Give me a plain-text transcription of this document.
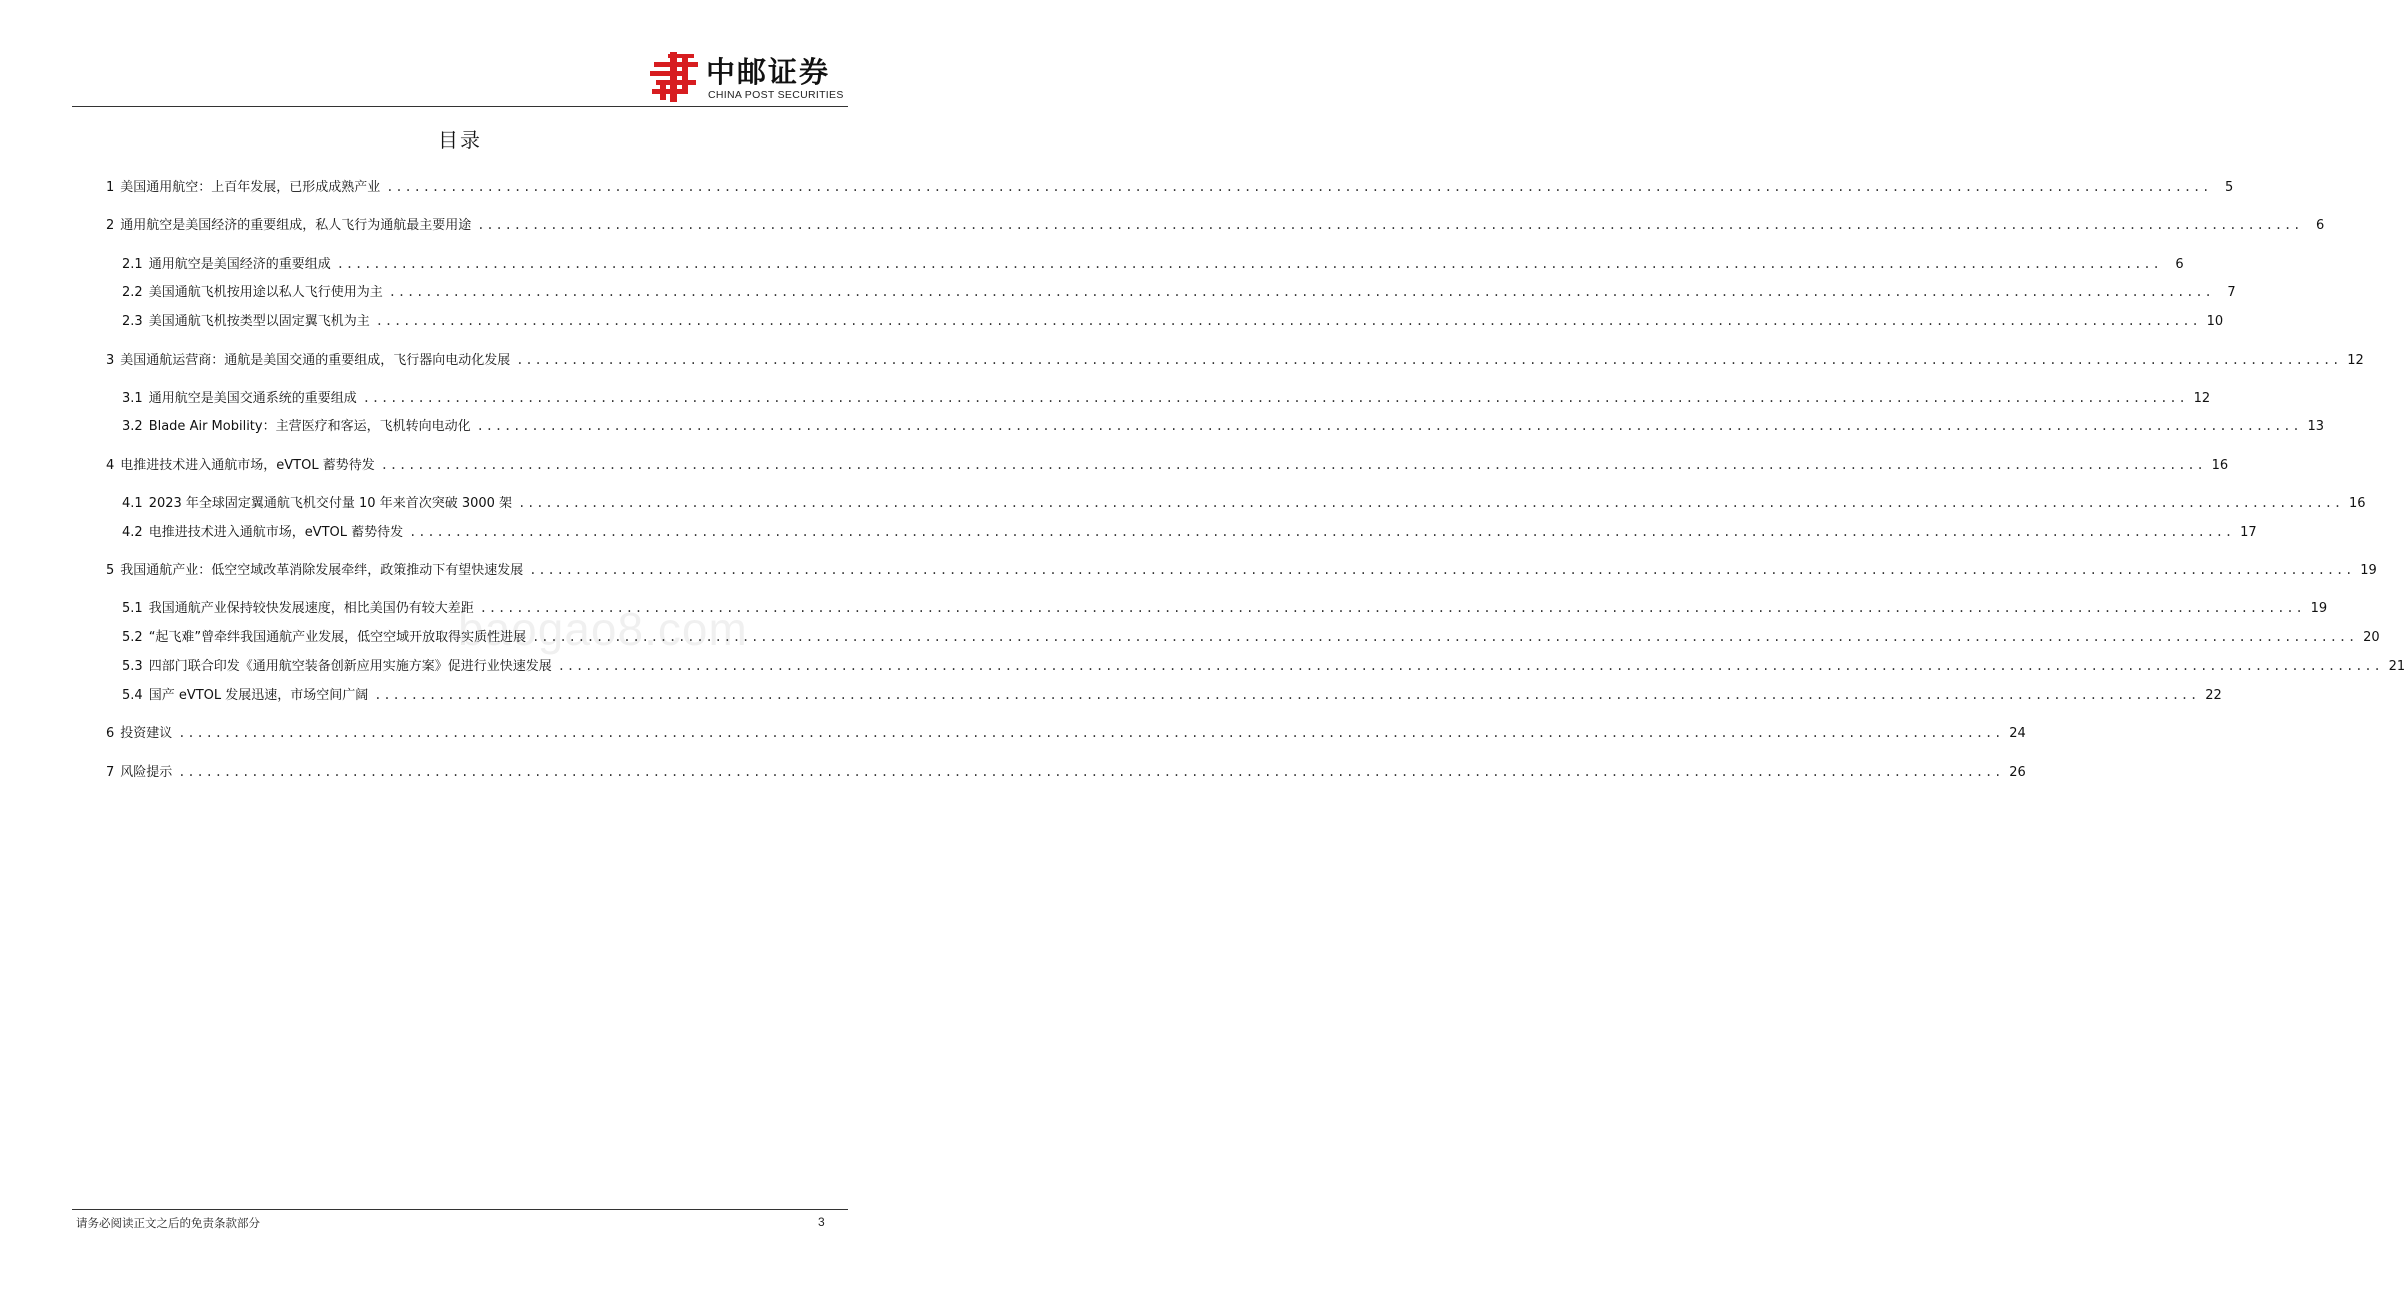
中邮证券
CHINA POST SECURITIES
目录
1 美国通用航空：上百年发展，已形成成熟产业 ........................................................................................................................................................................................................	5
2 通用航空是美国经济的重要组成，私人飞行为通航最主要用途 ........................................................................................................................................................................................................	6
2.1 通用航空是美国经济的重要组成 ........................................................................................................................................................................................................	6
2.2 美国通航飞机按用途以私人飞行使用为主 ........................................................................................................................................................................................................	7
2.3 美国通航飞机按类型以固定翼飞机为主 ........................................................................................................................................................................................................ 10
3 美国通航运营商：通航是美国交通的重要组成，飞行器向电动化发展 ........................................................................................................................................................................................................ 12
3.1 通用航空是美国交通系统的重要组成 ........................................................................................................................................................................................................ 12
3.2 Blade Air Mobility：主营医疗和客运，飞机转向电动化 ........................................................................................................................................................................................................ 13
4 电推进技术进入通航市场，eVTOL 蓄势待发 ........................................................................................................................................................................................................ 16
4.1 2023 年全球固定翼通航飞机交付量 10 年来首次突破 3000 架 ........................................................................................................................................................................................................ 16
4.2 电推进技术进入通航市场，eVTOL 蓄势待发 ........................................................................................................................................................................................................ 17
5 我国通航产业：低空空域改革消除发展牵绊，政策推动下有望快速发展 ........................................................................................................................................................................................................ 19
5.1 我国通航产业保持较快发展速度，相比美国仍有较大差距 ........................................................................................................................................................................................................ 19
5.2 “起飞难”曾牵绊我国通航产业发展，低空空域开放取得实质性进展 ........................................................................................................................................................................................................ 20
5.3 四部门联合印发《通用航空装备创新应用实施方案》促进行业快速发展 ........................................................................................................................................................................................................ 21
5.4 国产 eVTOL 发展迅速，市场空间广阔 ........................................................................................................................................................................................................ 22
6 投资建议 ........................................................................................................................................................................................................ 24
7 风险提示 ........................................................................................................................................................................................................ 26
baogao8.com
请务必阅读正文之后的免责条款部分	3
